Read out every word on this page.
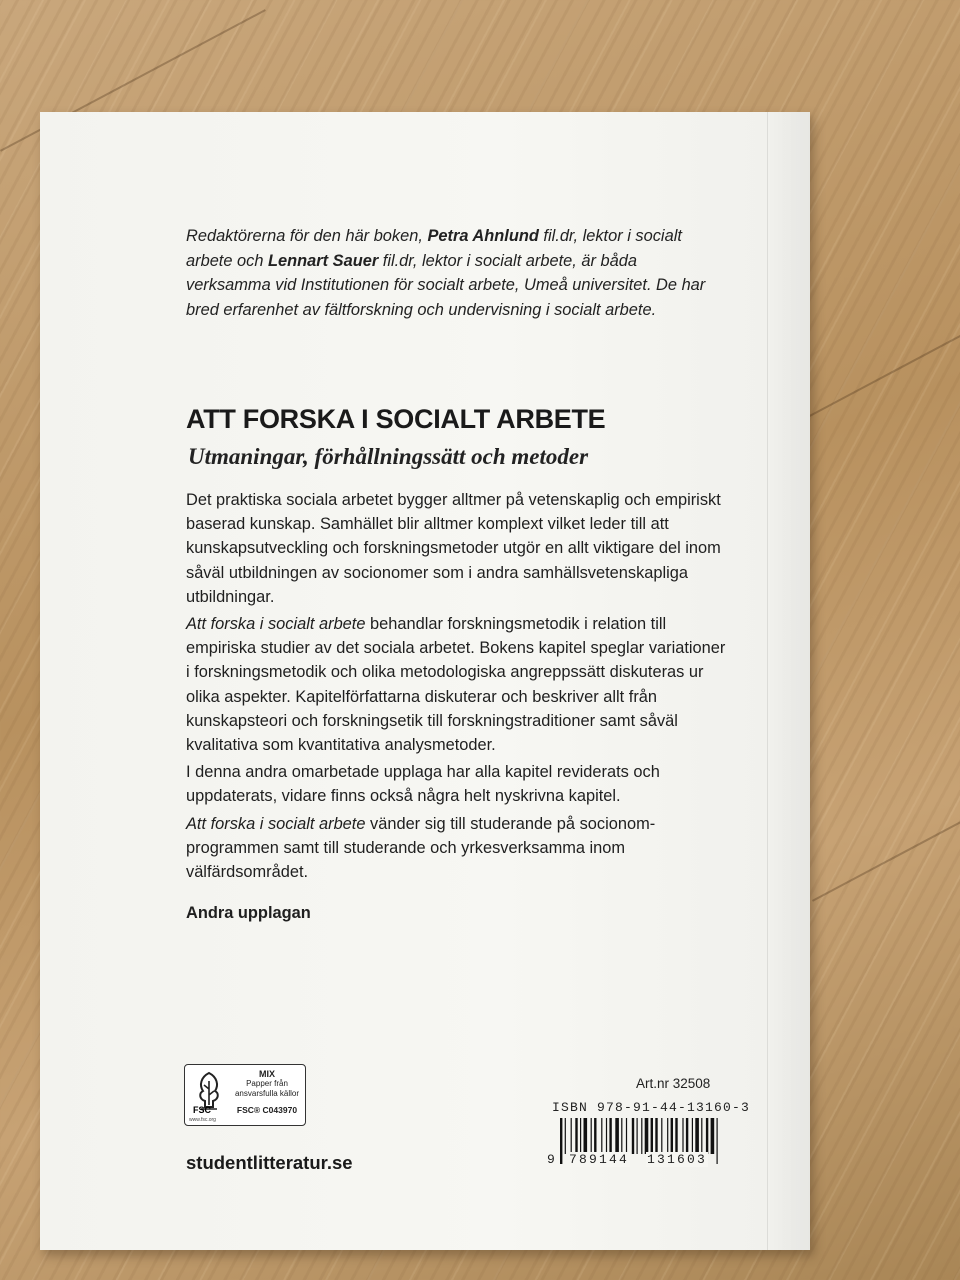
Redaktörerna för den här boken, Petra Ahnlund fil.dr, lektor i socialt arbete och Lennart Sauer fil.dr, lektor i socialt arbete, är båda verksamma vid Institutionen för socialt arbete, Umeå universitet. De har bred erfarenhet av fältforskning och undervisning i socialt arbete.

ATT FORSKA I SOCIALT ARBETE
Utmaningar, förhållningssätt och metoder

Det praktiska sociala arbetet bygger alltmer på vetenskaplig och empiriskt baserad kunskap. Samhället blir alltmer komplext vilket leder till att kunskapsutveckling och forskningsmetoder utgör en allt viktigare del inom såväl utbildningen av socionomer som i andra samhällsvetenskapliga utbildningar.

Att forska i socialt arbete behandlar forskningsmetodik i relation till empiriska studier av det sociala arbetet. Bokens kapitel speglar variationer i forskningsmetodik och olika metodologiska angreppssätt diskuteras ur olika aspekter. Kapitelförfattarna diskuterar och beskriver allt från kunskapsteori och forskningsetik till forskningstraditioner samt såväl kvalitativa som kvantitativa analysmetoder.

I denna andra omarbetade upplaga har alla kapitel reviderats och uppdaterats, vidare finns också några helt nyskrivna kapitel.

Att forska i socialt arbete vänder sig till studerande på socionom-programmen samt till studerande och yrkesverksamma inom välfärdsområdet.

Andra upplagan

FSC
MIX
Papper från
ansvarsfulla källor
FSC® C043970
www.fsc.org

studentlitteratur.se

Art.nr 32508

ISBN 978-91-44-13160-3

9 789144 131603
